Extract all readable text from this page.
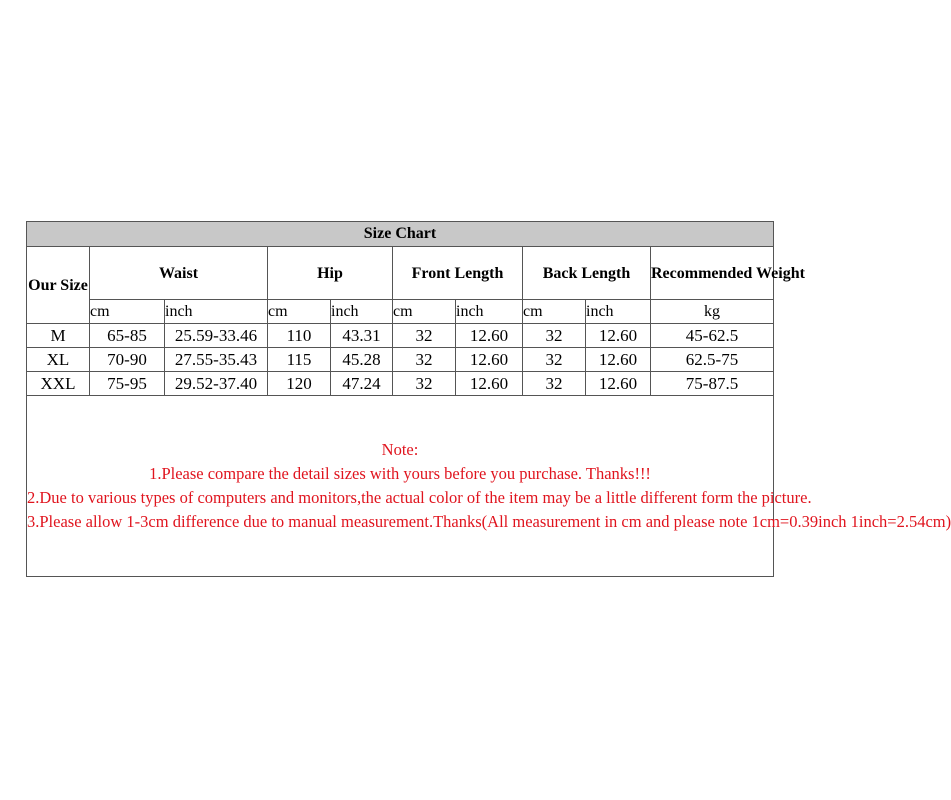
Size Chart									
Our Size	Waist		Hip		Front Length		Back Length		Recommended Weight
	cm	inch	cm	inch	cm	inch	cm	inch	kg
M	65-85	25.59-33.46	110	43.31	32	12.60	32	12.60	45-62.5
XL	70-90	27.55-35.43	115	45.28	32	12.60	32	12.60	62.5-75
XXL	75-95	29.52-37.40	120	47.24	32	12.60	32	12.60	75-87.5

Note:
1.Please compare the detail sizes with yours before you purchase. Thanks!!!
2.Due to various types of computers and monitors,the actual color of the item may be a little different form the picture.
3.Please allow 1-3cm difference due to manual measurement.Thanks(All measurement in cm and please note 1cm=0.39inch 1inch=2.54cm)									
